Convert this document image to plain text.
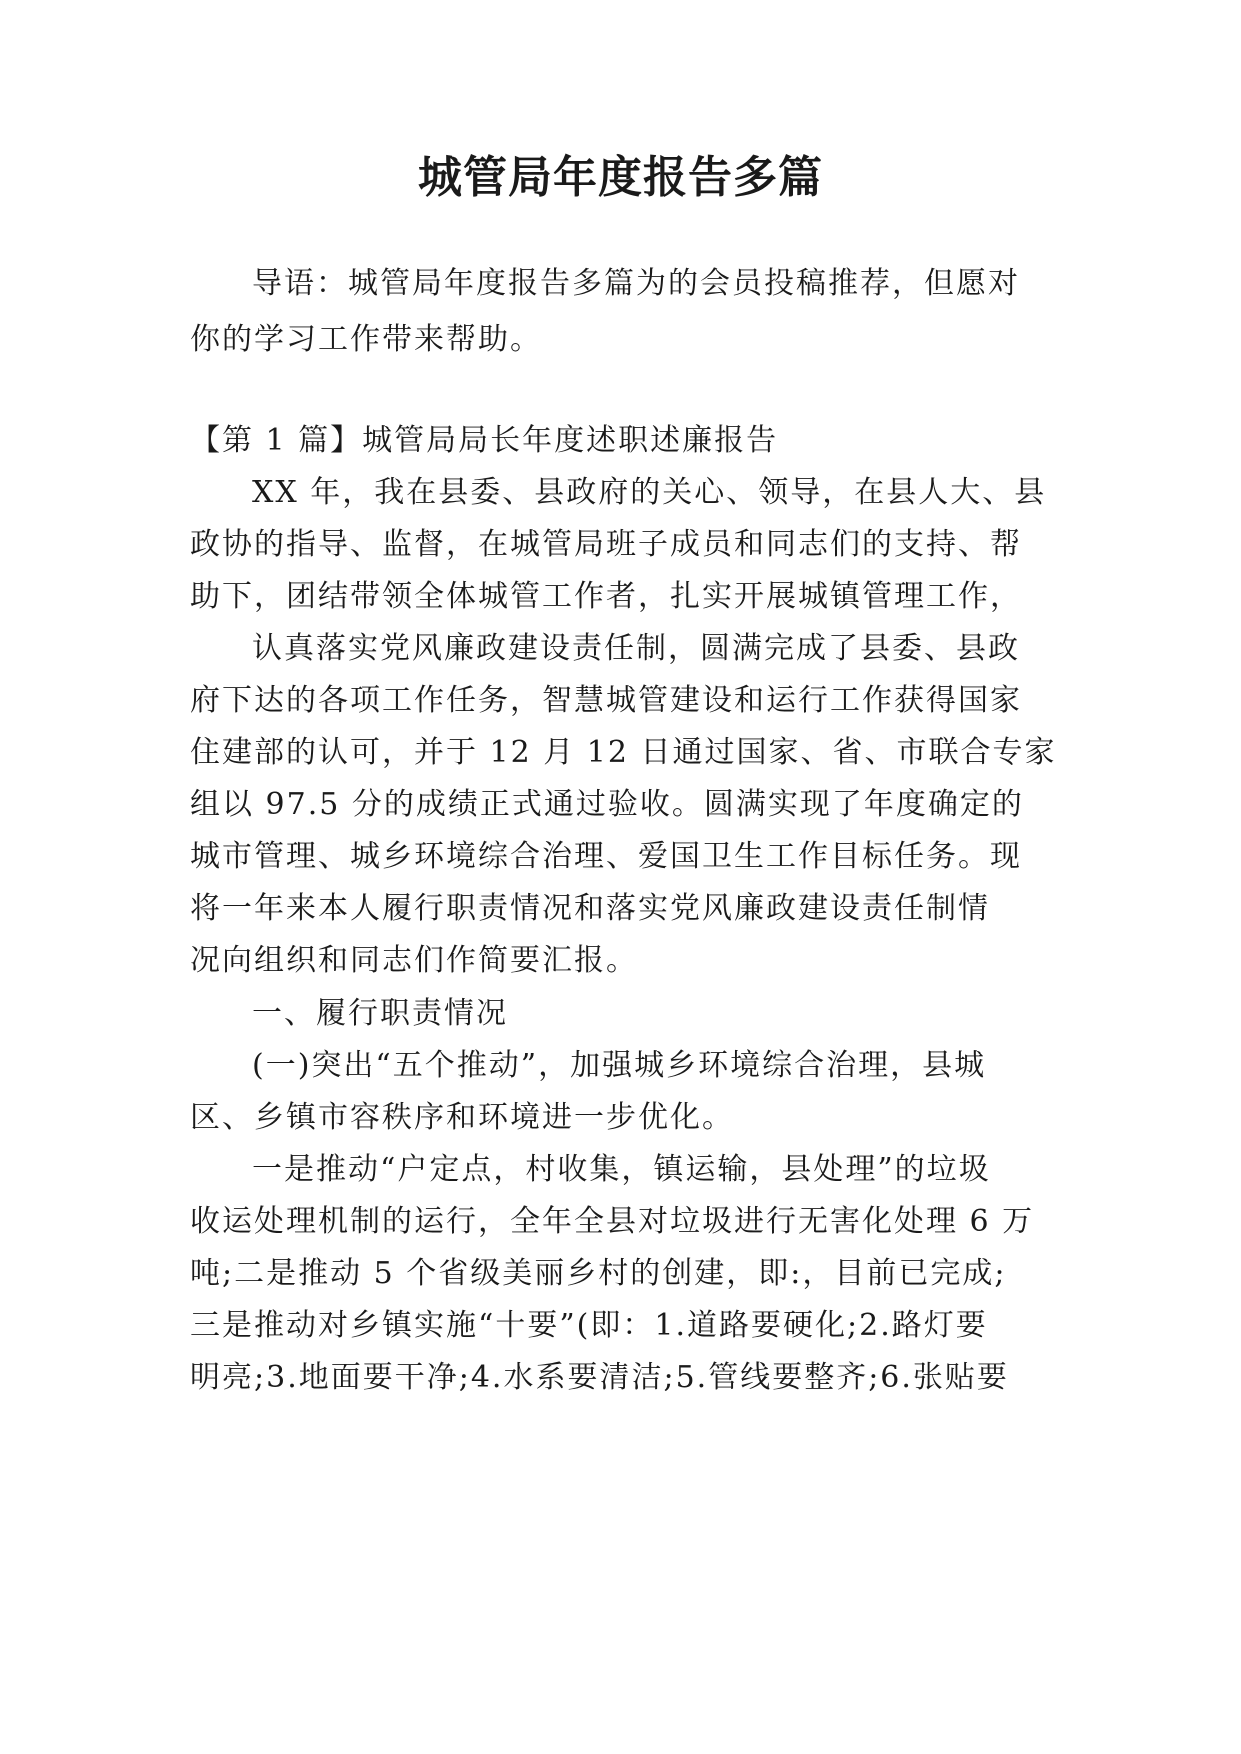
城管局年度报告多篇
导语：城管局年度报告多篇为的会员投稿推荐，但愿对
你的学习工作带来帮助。
【第 1 篇】城管局局长年度述职述廉报告
XX 年，我在县委、县政府的关心、领导，在县人大、县
政协的指导、监督，在城管局班子成员和同志们的支持、帮
助下，团结带领全体城管工作者，扎实开展城镇管理工作，
认真落实党风廉政建设责任制，圆满完成了县委、县政
府下达的各项工作任务，智慧城管建设和运行工作获得国家
住建部的认可，并于 12 月 12 日通过国家、省、市联合专家
组以 97.5 分的成绩正式通过验收。圆满实现了年度确定的
城市管理、城乡环境综合治理、爱国卫生工作目标任务。现
将一年来本人履行职责情况和落实党风廉政建设责任制情
况向组织和同志们作简要汇报。
一、履行职责情况
(一)突出“五个推动”，加强城乡环境综合治理，县城
区、乡镇市容秩序和环境进一步优化。
一是推动“户定点，村收集，镇运输，县处理”的垃圾
收运处理机制的运行，全年全县对垃圾进行无害化处理 6 万
吨;二是推动 5 个省级美丽乡村的创建，即:，目前已完成;
三是推动对乡镇实施“十要”(即：1.道路要硬化;2.路灯要
明亮;3.地面要干净;4.水系要清洁;5.管线要整齐;6.张贴要
